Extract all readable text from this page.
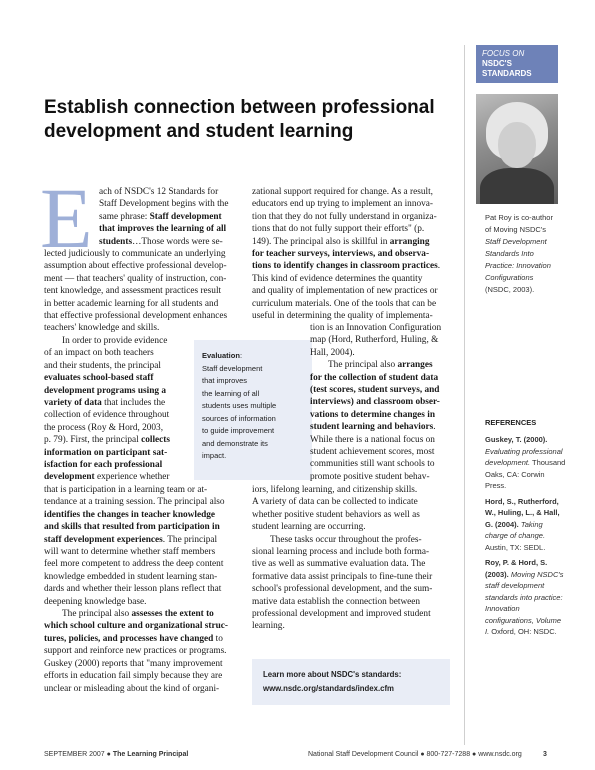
FOCUS ON
NSDC'S
STANDARDS
Pat Roy is co-author
of Moving NSDC's
Staff Development
Standards Into
Practice: Innovation
Configurations
(NSDC, 2003).
REFERENCES
Guskey, T. (2000). Evaluating professional development. Thousand Oaks, CA: Corwin Press.
Hord, S., Rutherford, W., Huling, L., & Hall, G. (2004). Taking charge of change. Austin, TX: SEDL.
Roy, P. & Hord, S. (2003). Moving NSDC's staff development standards into practice: Innovation configurations, Volume I. Oxford, OH: NSDC.
Establish connection between professional
development and student learning
E ach of NSDC's 12 Standards for
Staff Development begins with the
same phrase: Staff development
that improves the learning of all
students…Those words were se-
lected judiciously to communicate an underlying
assumption about effective professional develop-
ment — that teachers' quality of instruction, con-
tent knowledge, and assessment practices result
in better academic learning for all students and
that effective professional development enhances
teachers' knowledge and skills.
In order to provide evidence
of an impact on both teachers
and their students, the principal
evaluates school-based staff
development programs using a
variety of data that includes the
collection of evidence throughout
the process (Roy & Hord, 2003,
p. 79). First, the principal collects
information on participant sat-
isfaction for each professional
development experience whether
that is participation in a learning team or at-
tendance at a training session. The principal also
identifies the changes in teacher knowledge
and skills that resulted from participation in
staff development experiences. The principal
will want to determine whether staff members
feel more competent to address the deep content
knowledge embedded in student learning stan-
dards and whether their lesson plans reflect that
deepening knowledge base.
The principal also assesses the extent to
which school culture and organizational struc-
tures, policies, and processes have changed to
support and reinforce new practices or programs.
Guskey (2000) reports that "many improvement
efforts in education fail simply because they are
unclear or misleading about the kind of organi-
Evaluation:
Staff development
that improves
the learning of all
students uses multiple
sources of information
to guide improvement
and demonstrate its
impact.
zational support required for change. As a result,
educators end up trying to implement an innova-
tion that they do not fully understand in organiza-
tions that do not fully support their efforts" (p.
149). The principal also is skillful in arranging
for teacher surveys, interviews, and observa-
tions to identify changes in classroom practices.
This kind of evidence determines the quantity
and quality of implementation of new practices or
curriculum materials. One of the tools that can be
useful in determining the quality of implementa-
tion is an Innovation Configuration
map (Hord, Rutherford, Huling, &
Hall, 2004).
The principal also arranges
for the collection of student data
(test scores, student surveys, and
interviews) and classroom obser-
vations to determine changes in
student learning and behaviors.
While there is a national focus on
student achievement scores, most
communities still want schools to
promote positive student behav-
iors, lifelong learning, and citizenship skills.
A variety of data can be collected to indicate
whether positive student behaviors as well as
student learning are occurring.
These tasks occur throughout the profes-
sional learning process and include both forma-
tive as well as summative evaluation data. The
formative data assist principals to fine-tune their
school's professional development, and the sum-
mative data establish the connection between
professional development and improved student
learning.
Learn more about NSDC's standards:
www.nsdc.org/standards/index.cfm
SEPTEMBER 2007 ● The Learning Principal	National Staff Development Council ● 800-727-7288 ● www.nsdc.org	3
